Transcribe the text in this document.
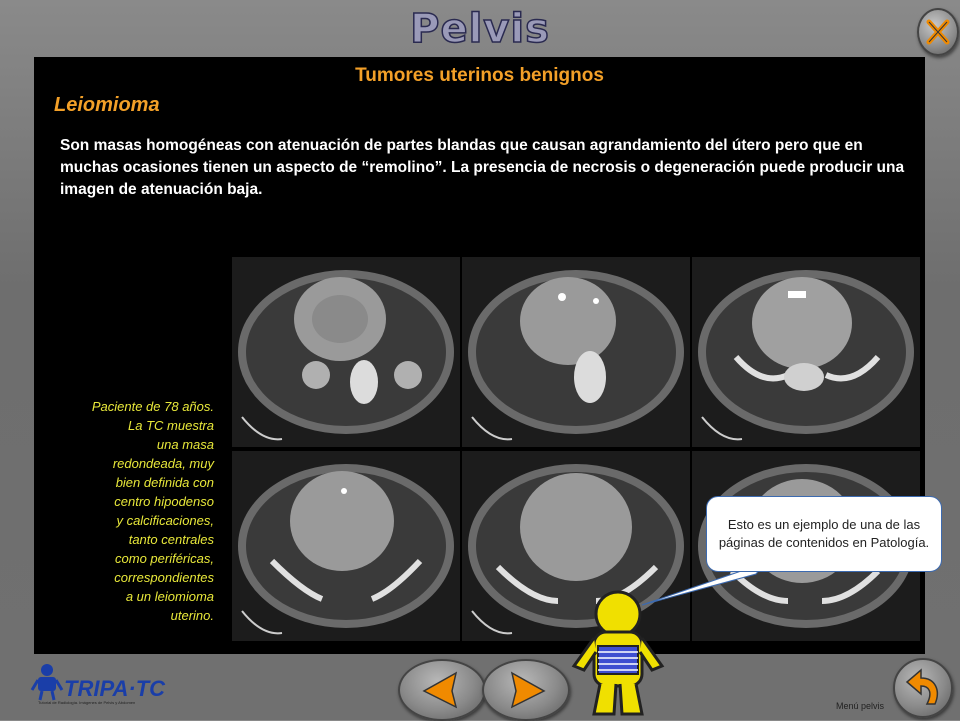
Pelvis
Tumores uterinos benignos
Leiomioma
Son masas homogéneas con atenuación de partes blandas que causan agrandamiento del útero pero que en muchas ocasiones tienen un aspecto de “remolino”. La presencia de necrosis o degeneración puede producir una imagen de atenuación baja.
Paciente de 78 años.
La TC muestra
una masa
redondeada, muy
bien definida con
centro hipodenso
y calcificaciones,
tanto centrales
como periféricas,
correspondientes
a un leiomioma
uterino.
Esto es un ejemplo de una de las páginas de contenidos en Patología.
TRIPA·TC
Tutorial de Radiología. Imágenes de Pelvis y Abdomen	Menú pelvis
